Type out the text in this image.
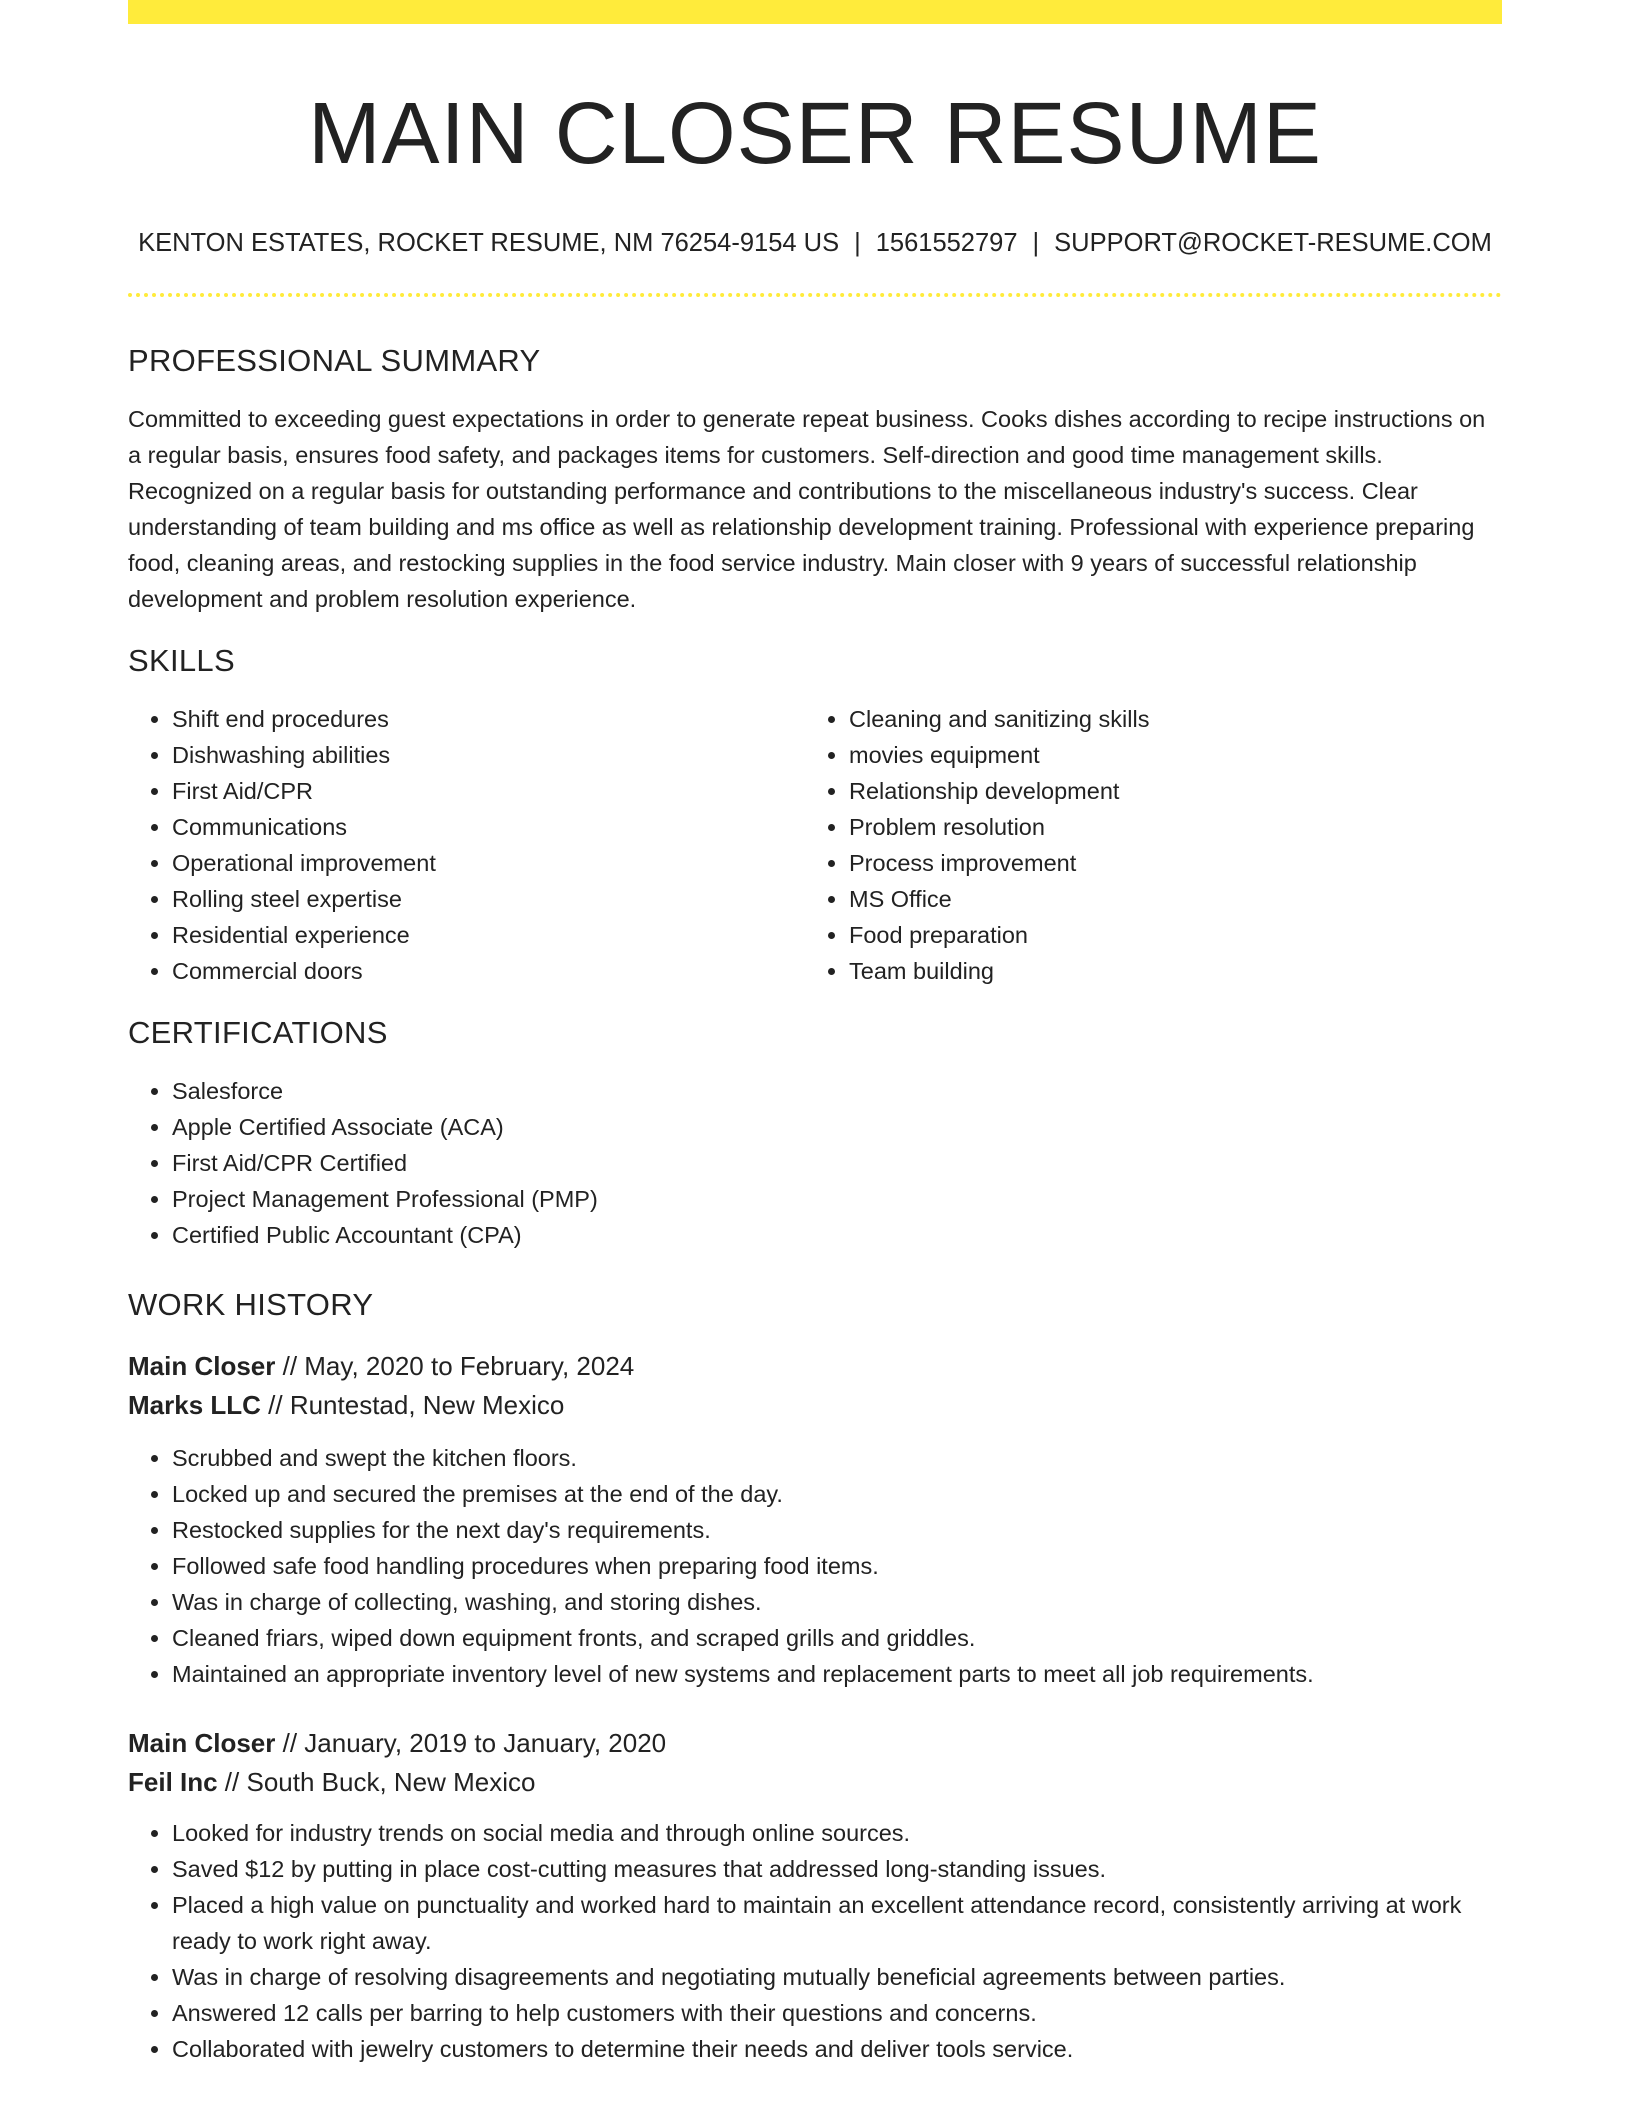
MAIN CLOSER RESUME
KENTON ESTATES, ROCKET RESUME, NM 76254-9154 US | 1561552797 | SUPPORT@ROCKET-RESUME.COM
PROFESSIONAL SUMMARY

Committed to exceeding guest expectations in order to generate repeat business. Cooks dishes according to recipe instructions on a regular basis, ensures food safety, and packages items for customers. Self-direction and good time management skills. Recognized on a regular basis for outstanding performance and contributions to the miscellaneous industry's success. Clear understanding of team building and ms office as well as relationship development training. Professional with experience preparing food, cleaning areas, and restocking supplies in the food service industry. Main closer with 9 years of successful relationship development and problem resolution experience.

SKILLS
• Shift end procedures
• Dishwashing abilities
• First Aid/CPR
• Communications
• Operational improvement
• Rolling steel expertise
• Residential experience
• Commercial doors
• Cleaning and sanitizing skills
• movies equipment
• Relationship development
• Problem resolution
• Process improvement
• MS Office
• Food preparation
• Team building
CERTIFICATIONS
• Salesforce
• Apple Certified Associate (ACA)
• First Aid/CPR Certified
• Project Management Professional (PMP)
• Certified Public Accountant (CPA)
WORK HISTORY
Main Closer // May, 2020 to February, 2024
Marks LLC // Runtestad, New Mexico
• Scrubbed and swept the kitchen floors.
• Locked up and secured the premises at the end of the day.
• Restocked supplies for the next day's requirements.
• Followed safe food handling procedures when preparing food items.
• Was in charge of collecting, washing, and storing dishes.
• Cleaned friars, wiped down equipment fronts, and scraped grills and griddles.
• Maintained an appropriate inventory level of new systems and replacement parts to meet all job requirements.
Main Closer // January, 2019 to January, 2020
Feil Inc // South Buck, New Mexico
• Looked for industry trends on social media and through online sources.
• Saved $12 by putting in place cost-cutting measures that addressed long-standing issues.
• Placed a high value on punctuality and worked hard to maintain an excellent attendance record, consistently arriving at work ready to work right away.
• Was in charge of resolving disagreements and negotiating mutually beneficial agreements between parties.
• Answered 12 calls per barring to help customers with their questions and concerns.
• Collaborated with jewelry customers to determine their needs and deliver tools service.
